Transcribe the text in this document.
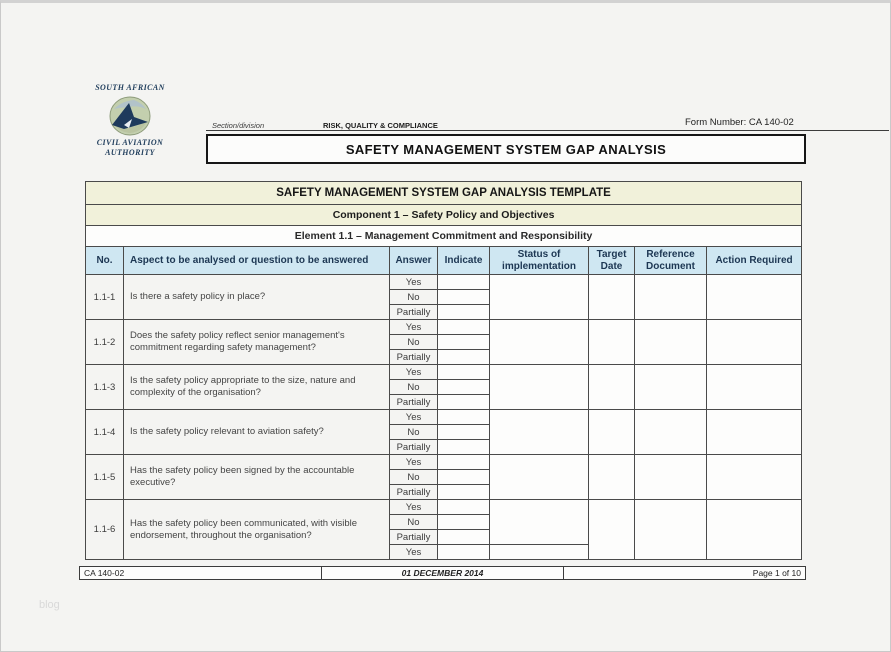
SOUTH AFRICAN
CIVIL AVIATION
AUTHORITY
Section/division	RISK, QUALITY & COMPLIANCE	Form Number: CA 140-02
SAFETY MANAGEMENT SYSTEM GAP ANALYSIS
SAFETY MANAGEMENT SYSTEM GAP ANALYSIS TEMPLATE							
Component 1 – Safety Policy and Objectives							
Element 1.1 – Management Commitment and Responsibility							
No.	Aspect to be analysed or question to be answered	Answer	Indicate	Status of implementation	Target Date	Reference Document	Action Required
1.1-1	Is there a safety policy in place?	Yes					
		No					
		Partially					
1.1-2	Does the safety policy reflect senior management's commitment regarding safety management?	Yes					
		No					
		Partially					
1.1-3	Is the safety policy appropriate to the size, nature and complexity of the organisation?	Yes					
		No					
		Partially					
1.1-4	Is the safety policy relevant to aviation safety?	Yes					
		No					
		Partially					
1.1-5	Has the safety policy been signed by the accountable executive?	Yes					
		No					
		Partially					
1.1-6	Has the safety policy been communicated, with visible endorsement, throughout the organisation?	Yes					
		No					
		Partially					
		Yes					
CA 140-02	01 DECEMBER 2014	Page 1 of 10
blog
